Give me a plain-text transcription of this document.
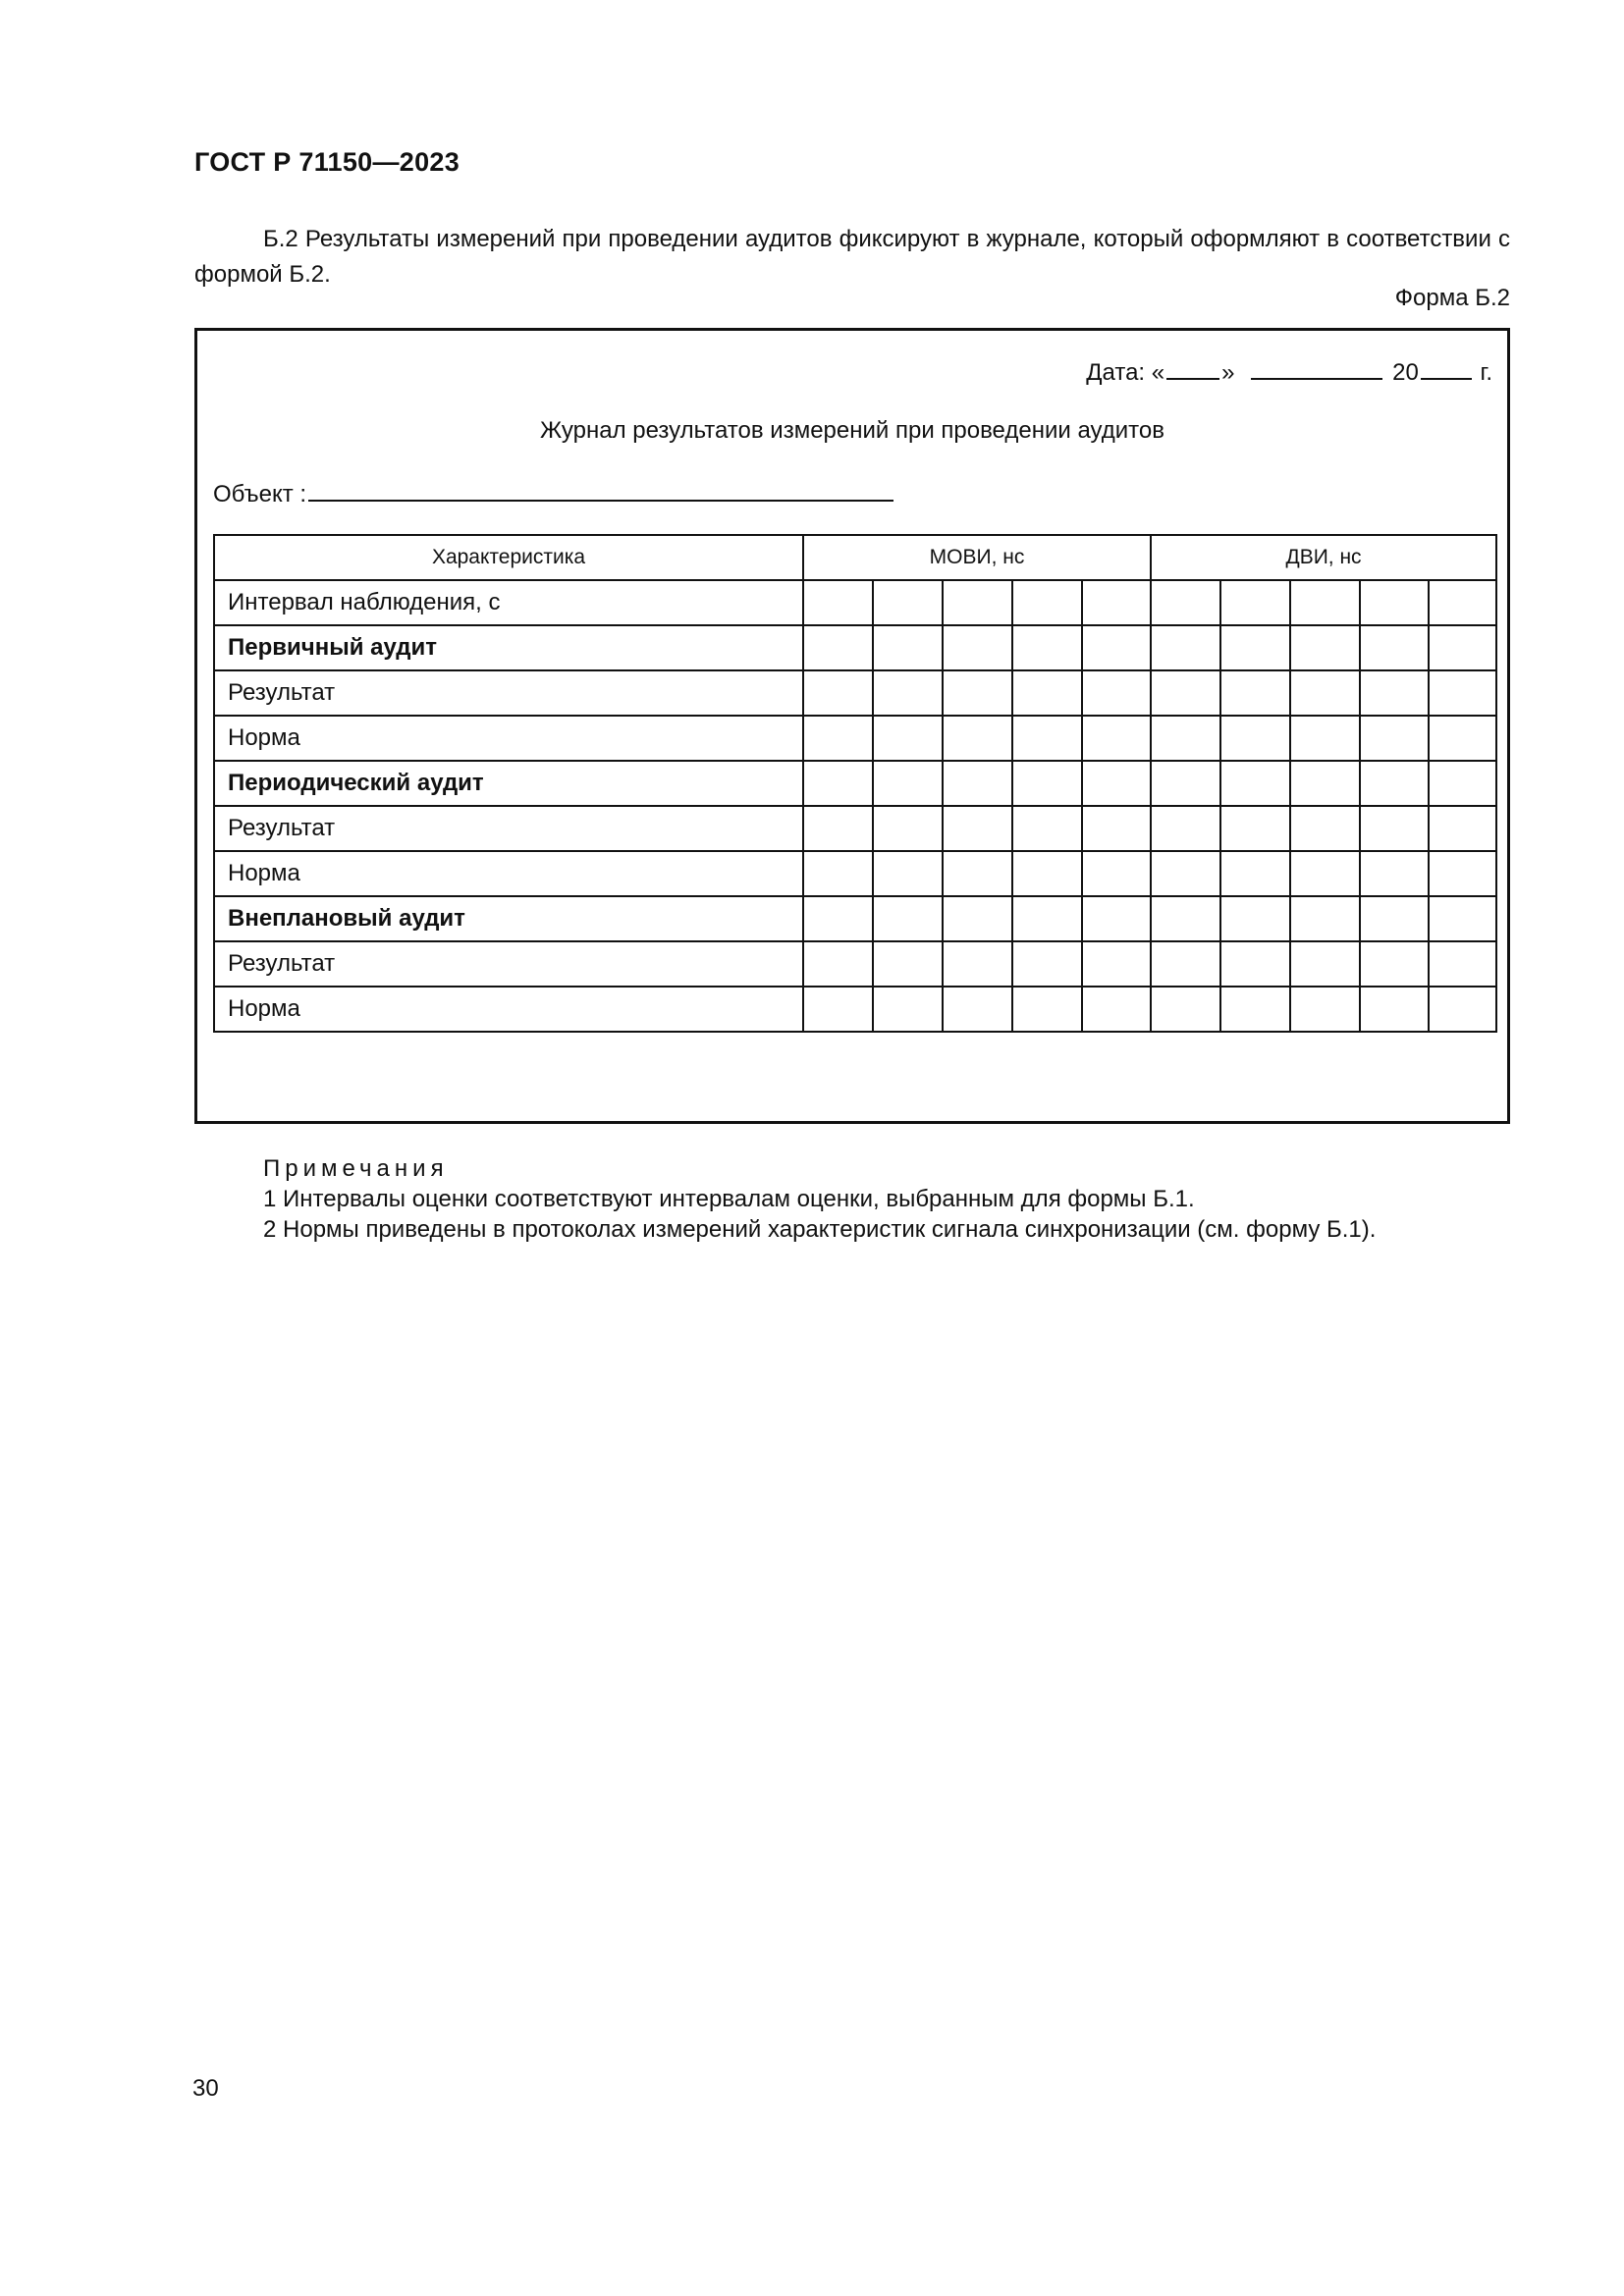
ГОСТ Р 71150—2023
Б.2 Результаты измерений при проведении аудитов фиксируют в журнале, который оформляют в соответствии с формой Б.2.
Форма Б.2
Дата: « »	20	г.
Журнал результатов измерений при проведении аудитов
Объект :
Характеристика	МОВИ, нс					ДВИ, нс				
Интервал наблюдения, с										
Первичный аудит										
Результат										
Норма										
Периодический аудит										
Результат										
Норма										
Внеплановый аудит										
Результат										
Норма										
Примечания
1 Интервалы оценки соответствуют интервалам оценки, выбранным для формы Б.1.
2 Нормы приведены в протоколах измерений характеристик сигнала синхронизации (см. форму Б.1).
30
